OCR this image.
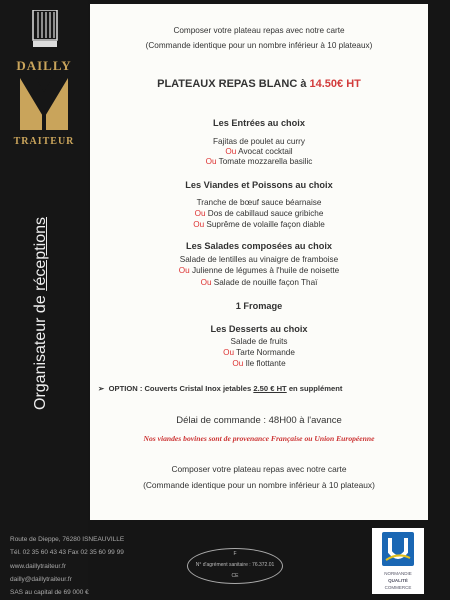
DAILLY
TRAITEUR
Organisateur de réceptions
Composer votre plateau repas avec notre carte
(Commande identique pour un nombre inférieur à 10 plateaux)
PLATEAUX REPAS BLANC à 14.50€ HT
Les Entrées au choix
Fajitas de poulet au curry
Ou Avocat cocktail
Ou Tomate mozzarella basilic
Les Viandes et Poissons au choix
Tranche de bœuf sauce béarnaise
Ou Dos de cabillaud sauce gribiche
Ou Suprême de volaille façon diable
Les Salades composées au choix
Salade de lentilles au vinaigre de framboise
Ou Julienne de légumes à l'huile de noisette
Ou Salade de nouille façon Thaï
1 Fromage
Les Desserts au choix
Salade de fruits
Ou Tarte Normande
Ou Ile flottante
➢  OPTION : Couverts Cristal Inox jetables 2.50 € HT en supplément
Délai de commande : 48H00 à l'avance
Nos viandes bovines sont de provenance Française ou Union Européenne
Composer votre plateau repas avec notre carte
(Commande identique pour un nombre inférieur à 10 plateaux)
Route de Dieppe, 76280 ISNEAUVILLE
Tél. 02 35 60 43 43 Fax 02 35 60 99 99
www.daillytraiteur.fr
dailly@daillytraiteur.fr
SAS au capital de 69 000 €
F
N° d'agrément sanitaire : 76.372.01
CE	NORMANDIE
QUALITÉ
COMMERCE
